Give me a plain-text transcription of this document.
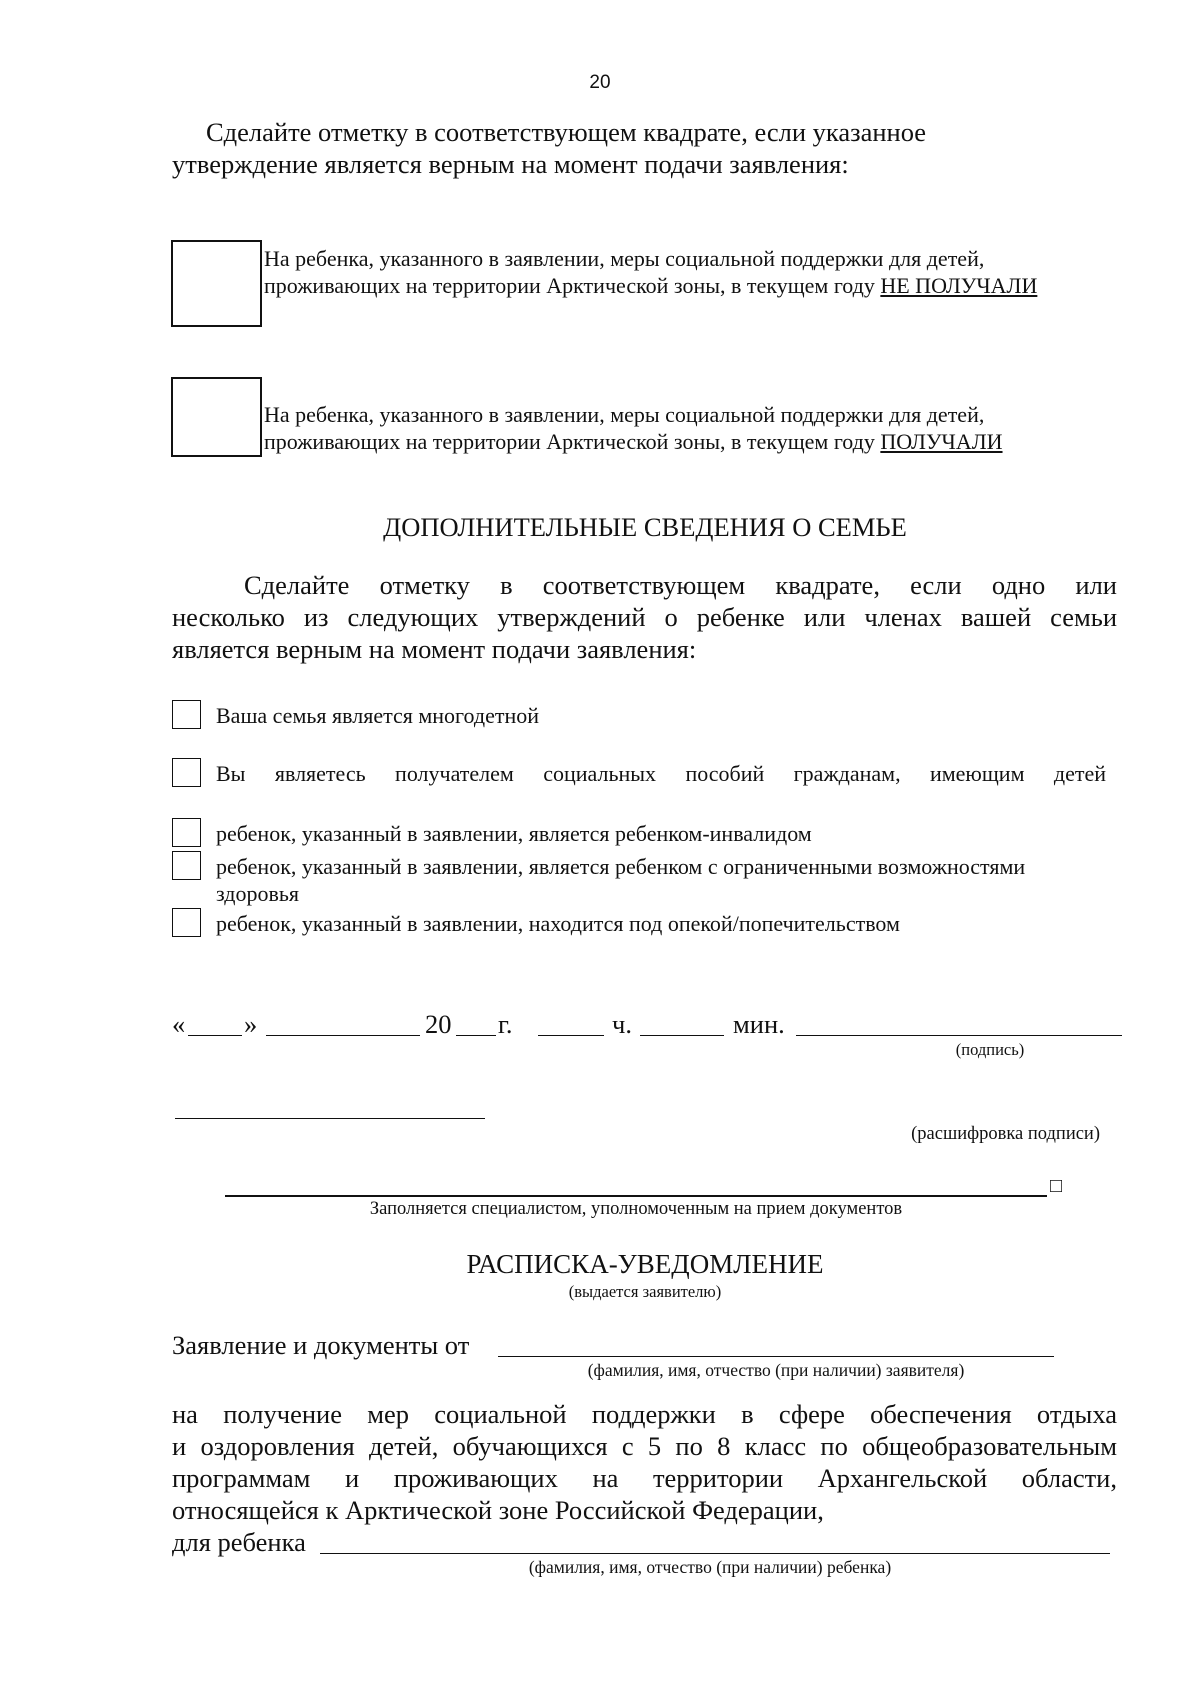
20
Сделайте отметку в соответствующем квадрате, если указанное
утверждение является верным на момент подачи заявления:
На ребенка, указанного в заявлении, меры социальной поддержки для детей,
проживающих на территории Арктической зоны, в текущем году НЕ ПОЛУЧАЛИ
На ребенка, указанного в заявлении, меры социальной поддержки для детей,
проживающих на территории Арктической зоны, в текущем году ПОЛУЧАЛИ
ДОПОЛНИТЕЛЬНЫЕ СВЕДЕНИЯ О СЕМЬЕ
Сделайте отметку в соответствующем квадрате, если одно или
несколько из следующих утверждений о ребенке или членах вашей семьи
является верным на момент подачи заявления:
Ваша семья является многодетной
Вы являетесь получателем социальных пособий гражданам, имеющим детей
ребенок, указанный в заявлении, является ребенком-инвалидом
ребенок, указанный в заявлении, является ребенком с ограниченными возможностями
здоровья
ребенок, указанный в заявлении, находится под опекой/попечительством
« »	20 г.	ч.	мин.
(подпись)
(расшифровка подписи)
□
Заполняется специалистом, уполномоченным на прием документов
РАСПИСКА-УВЕДОМЛЕНИЕ
(выдается заявителю)
Заявление и документы от
(фамилия, имя, отчество (при наличии) заявителя)
на получение мер социальной поддержки в сфере обеспечения отдыха
и оздоровления детей, обучающихся с 5 по 8 класс по общеобразовательным
программам и проживающих на территории Архангельской области,
относящейся к Арктической зоне Российской Федерации,
для ребенка
(фамилия, имя, отчество (при наличии) ребенка)
